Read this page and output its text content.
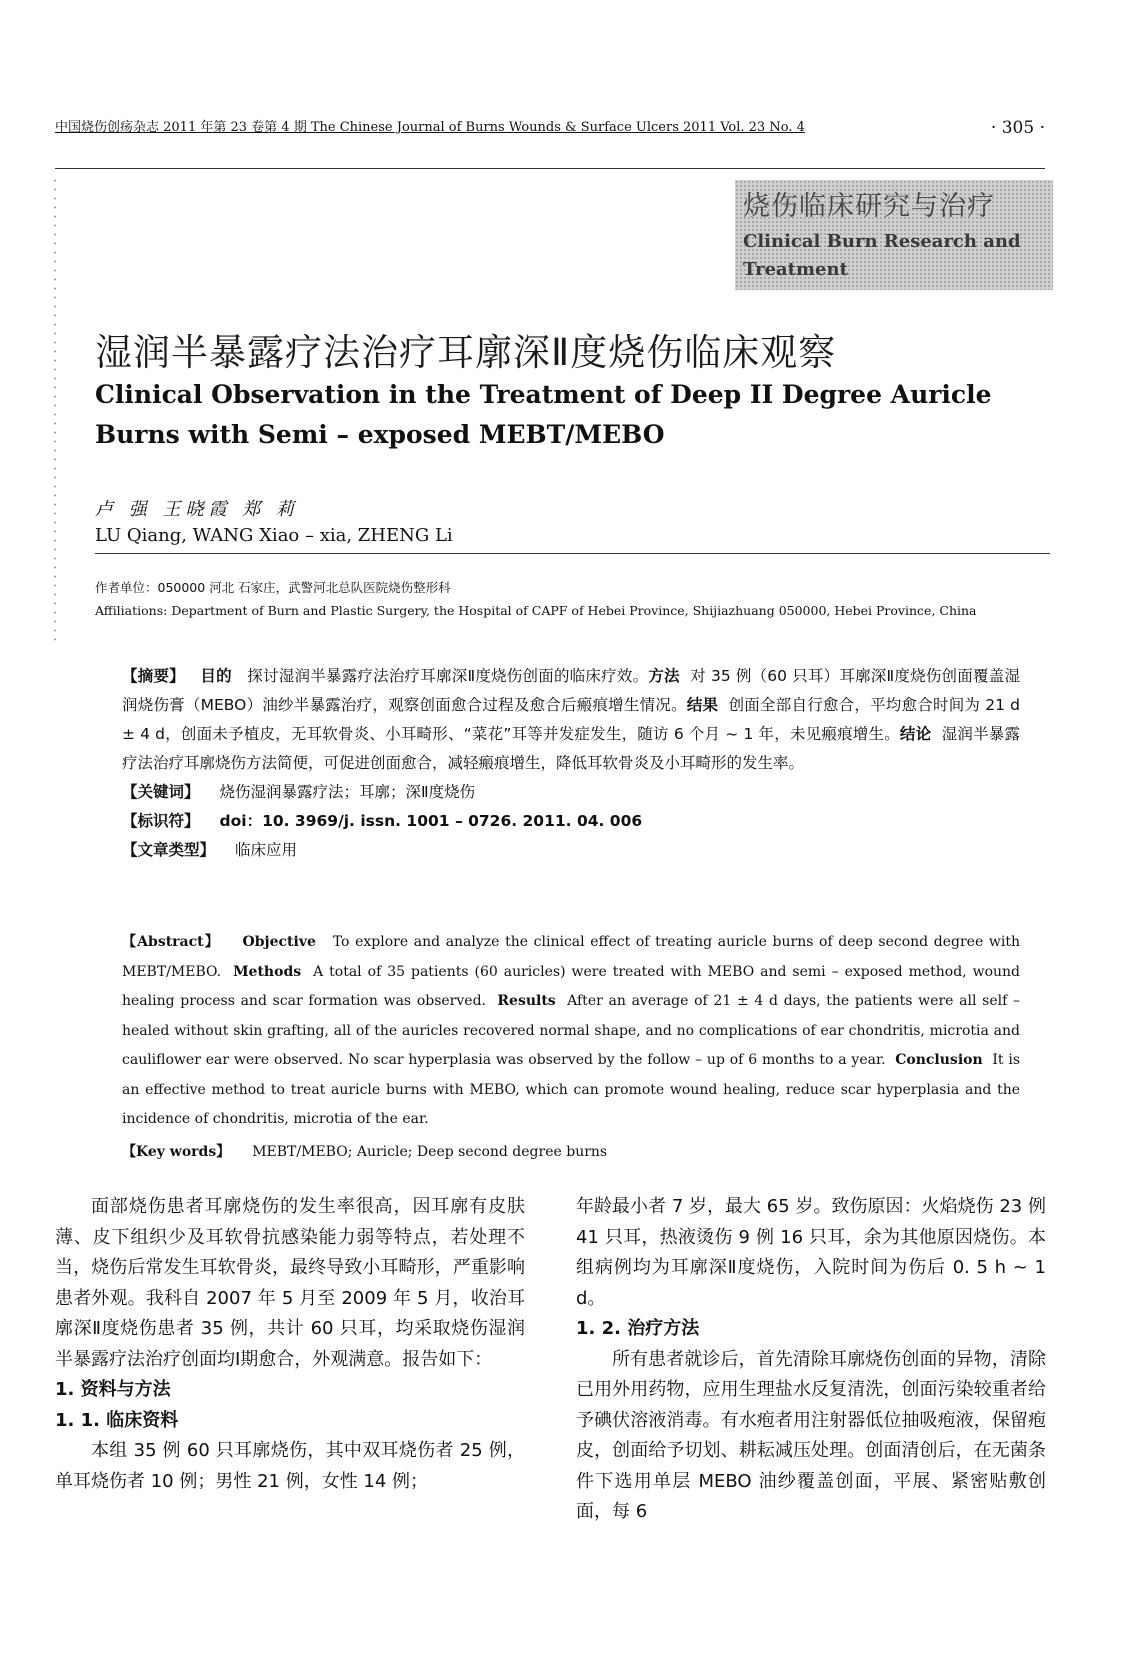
中国烧伤创疡杂志 2011 年第 23 卷第 4 期 The Chinese Journal of Burns Wounds & Surface Ulcers 2011 Vol. 23 No. 4	· 305 ·
烧伤临床研究与治疗
Clinical Burn Research and Treatment
湿润半暴露疗法治疗耳廓深Ⅱ度烧伤临床观察
Clinical Observation in the Treatment of Deep II Degree Auricle Burns with Semi – exposed MEBT/MEBO
卢 强 王晓霞 郑 莉
LU Qiang, WANG Xiao – xia, ZHENG Li
作者单位：050000 河北 石家庄，武警河北总队医院烧伤整形科
Affiliations: Department of Burn and Plastic Surgery, the Hospital of CAPF of Hebei Province, Shijiazhuang 050000, Hebei Province, China
【摘要】 目的 探讨湿润半暴露疗法治疗耳廓深Ⅱ度烧伤创面的临床疗效。方法 对 35 例（60 只耳）耳廓深Ⅱ度烧伤创面覆盖湿润烧伤膏（MEBO）油纱半暴露治疗，观察创面愈合过程及愈合后瘢痕增生情况。结果 创面全部自行愈合，平均愈合时间为 21 d ± 4 d，创面未予植皮，无耳软骨炎、小耳畸形、“菜花”耳等并发症发生，随访 6 个月 ~ 1 年，未见瘢痕增生。结论 湿润半暴露疗法治疗耳廓烧伤方法简便，可促进创面愈合，减轻瘢痕增生，降低耳软骨炎及小耳畸形的发生率。
【关键词】 烧伤湿润暴露疗法；耳廓；深Ⅱ度烧伤
【标识符】 doi：10. 3969/j. issn. 1001 – 0726. 2011. 04. 006
【文章类型】 临床应用
【Abstract】 Objective To explore and analyze the clinical effect of treating auricle burns of deep second degree with MEBT/MEBO. Methods A total of 35 patients (60 auricles) were treated with MEBO and semi – exposed method, wound healing process and scar formation was observed. Results After an average of 21 ± 4 d days, the patients were all self – healed without skin grafting, all of the auricles recovered normal shape, and no complications of ear chondritis, microtia and cauliflower ear were observed. No scar hyperplasia was observed by the follow – up of 6 months to a year. Conclusion It is an effective method to treat auricle burns with MEBO, which can promote wound healing, reduce scar hyperplasia and the incidence of chondritis, microtia of the ear.
【Key words】 MEBT/MEBO; Auricle; Deep second degree burns

面部烧伤患者耳廓烧伤的发生率很高，因耳廓有皮肤薄、皮下组织少及耳软骨抗感染能力弱等特点，若处理不当，烧伤后常发生耳软骨炎，最终导致小耳畸形，严重影响患者外观。我科自 2007 年 5 月至 2009 年 5 月，收治耳廓深Ⅱ度烧伤患者 35 例，共计 60 只耳，均采取烧伤湿润半暴露疗法治疗创面均Ⅰ期愈合，外观满意。报告如下：

1. 资料与方法

1. 1. 临床资料

本组 35 例 60 只耳廓烧伤，其中双耳烧伤者 25 例，单耳烧伤者 10 例；男性 21 例，女性 14 例；

年龄最小者 7 岁，最大 65 岁。致伤原因：火焰烧伤 23 例 41 只耳，热液烫伤 9 例 16 只耳，余为其他原因烧伤。本组病例均为耳廓深Ⅱ度烧伤，入院时间为伤后 0. 5 h ~ 1 d。

1. 2. 治疗方法

所有患者就诊后，首先清除耳廓烧伤创面的异物，清除已用外用药物，应用生理盐水反复清洗，创面污染较重者给予碘伏溶液消毒。有水疱者用注射器低位抽吸疱液，保留疱皮，创面给予切划、耕耘减压处理。创面清创后，在无菌条件下选用单层 MEBO 油纱覆盖创面，平展、紧密贴敷创面，每 6
